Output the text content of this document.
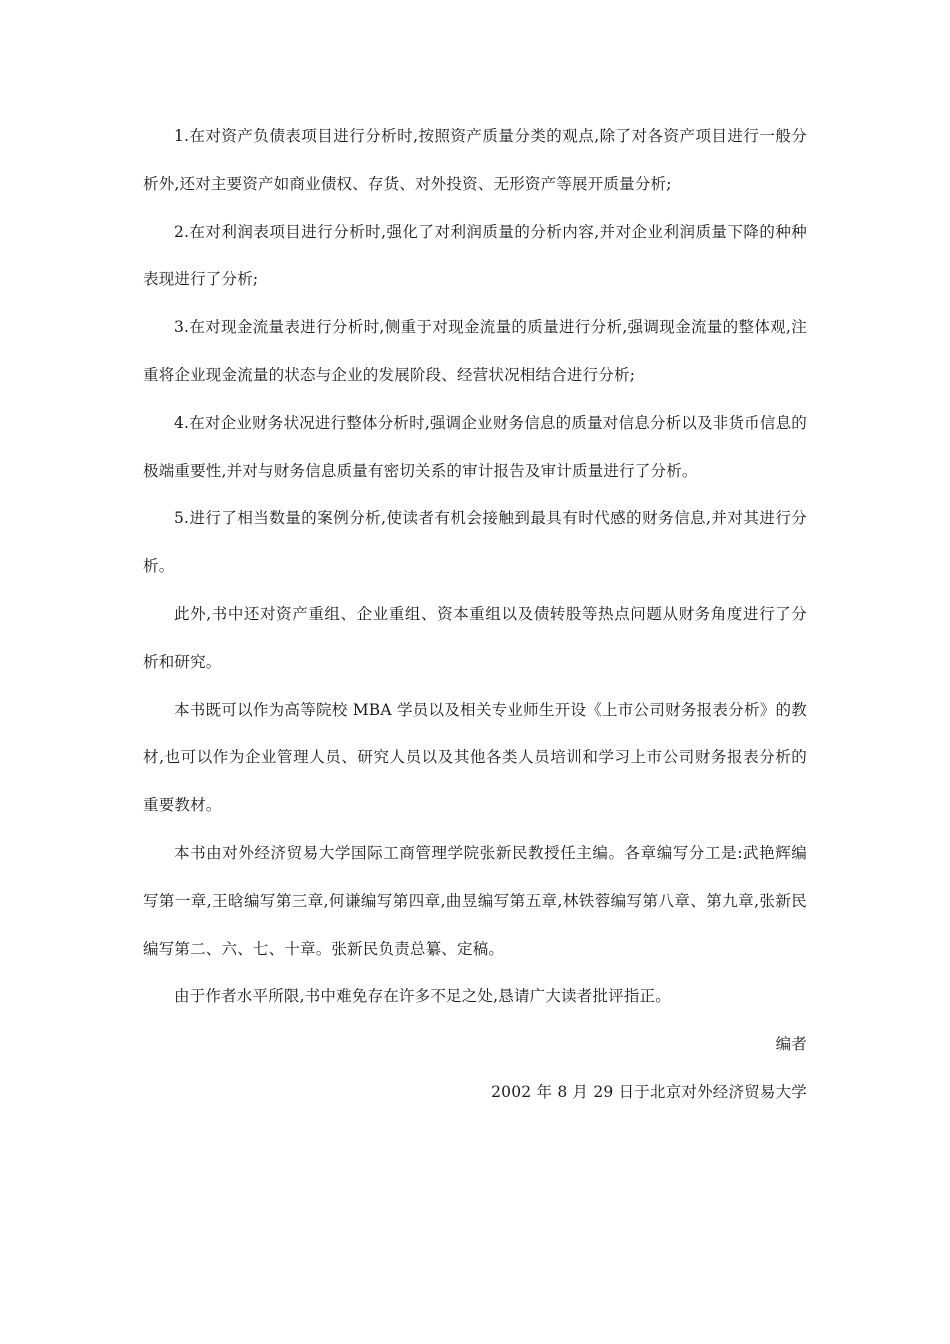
1.在对资产负债表项目进行分析时,按照资产质量分类的观点,除了对各资产项目进行一般分析外,还对主要资产如商业债权、存货、对外投资、无形资产等展开质量分析;

2.在对利润表项目进行分析时,强化了对利润质量的分析内容,并对企业利润质量下降的种种表现进行了分析;

3.在对现金流量表进行分析时,侧重于对现金流量的质量进行分析,强调现金流量的整体观,注重将企业现金流量的状态与企业的发展阶段、经营状况相结合进行分析;

4.在对企业财务状况进行整体分析时,强调企业财务信息的质量对信息分析以及非货币信息的极端重要性,并对与财务信息质量有密切关系的审计报告及审计质量进行了分析。

5.进行了相当数量的案例分析,使读者有机会接触到最具有时代感的财务信息,并对其进行分析。

此外,书中还对资产重组、企业重组、资本重组以及债转股等热点问题从财务角度进行了分析和研究。

本书既可以作为高等院校 MBA 学员以及相关专业师生开设《上市公司财务报表分析》的教材,也可以作为企业管理人员、研究人员以及其他各类人员培训和学习上市公司财务报表分析的重要教材。

本书由对外经济贸易大学国际工商管理学院张新民教授任主编。各章编写分工是:武艳辉编写第一章,王晗编写第三章,何谦编写第四章,曲昱编写第五章,林铁蓉编写第八章、第九章,张新民编写第二、六、七、十章。张新民负责总纂、定稿。

由于作者水平所限,书中难免存在许多不足之处,恳请广大读者批评指正。

编者

2002 年 8 月 29 日于北京对外经济贸易大学
